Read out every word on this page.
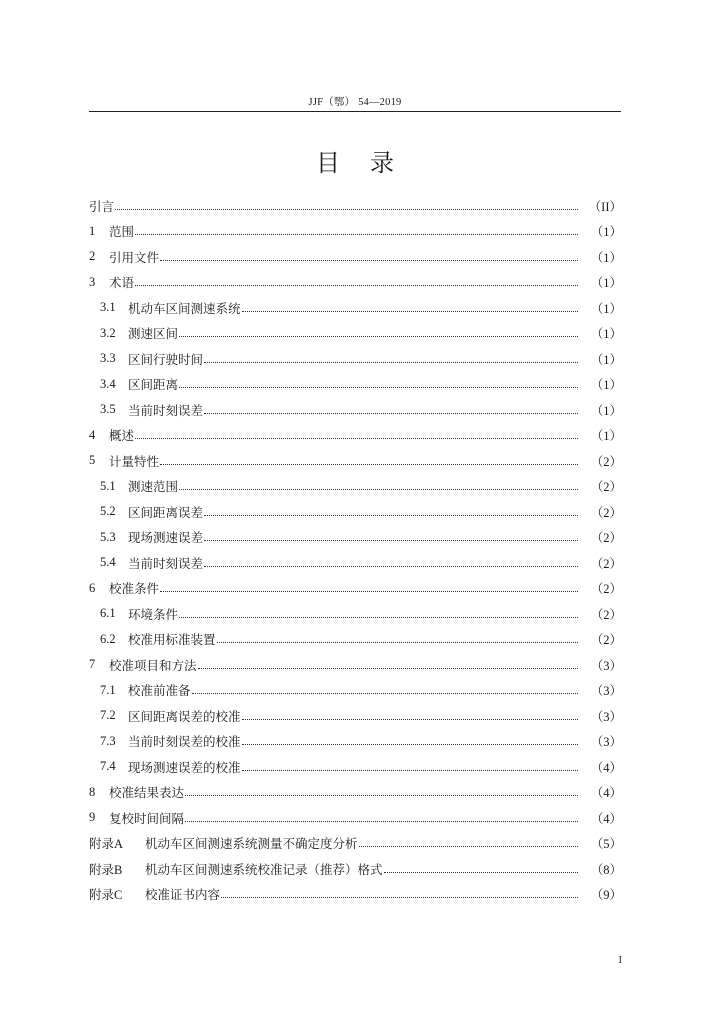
JJF（鄂） 54—2019
目录
引言	（II）
1	范围	（1）
2	引用文件	（1）
3	术语	（1）
3.1 机动车区间测速系统	（1）
3.2 测速区间	（1）
3.3 区间行驶时间	（1）
3.4 区间距离	（1）
3.5 当前时刻误差	（1）
4	概述	（1）
5	计量特性	（2）
5.1 测速范围	（2）
5.2 区间距离误差	（2）
5.3 现场测速误差	（2）
5.4 当前时刻误差	（2）
6	校准条件	（2）
6.1 环境条件	（2）
6.2 校准用标准装置	（2）
7	校准项目和方法	（3）
7.1 校准前准备	（3）
7.2 区间距离误差的校准	（3）
7.3 当前时刻误差的校准	（3）
7.4 现场测速误差的校准	（4）
8	校准结果表达	（4）
9	复校时间间隔	（4）
附录A	机动车区间测速系统测量不确定度分析	（5）
附录B	机动车区间测速系统校准记录（推荐）格式	（8）
附录C	校准证书内容	（9）
I
